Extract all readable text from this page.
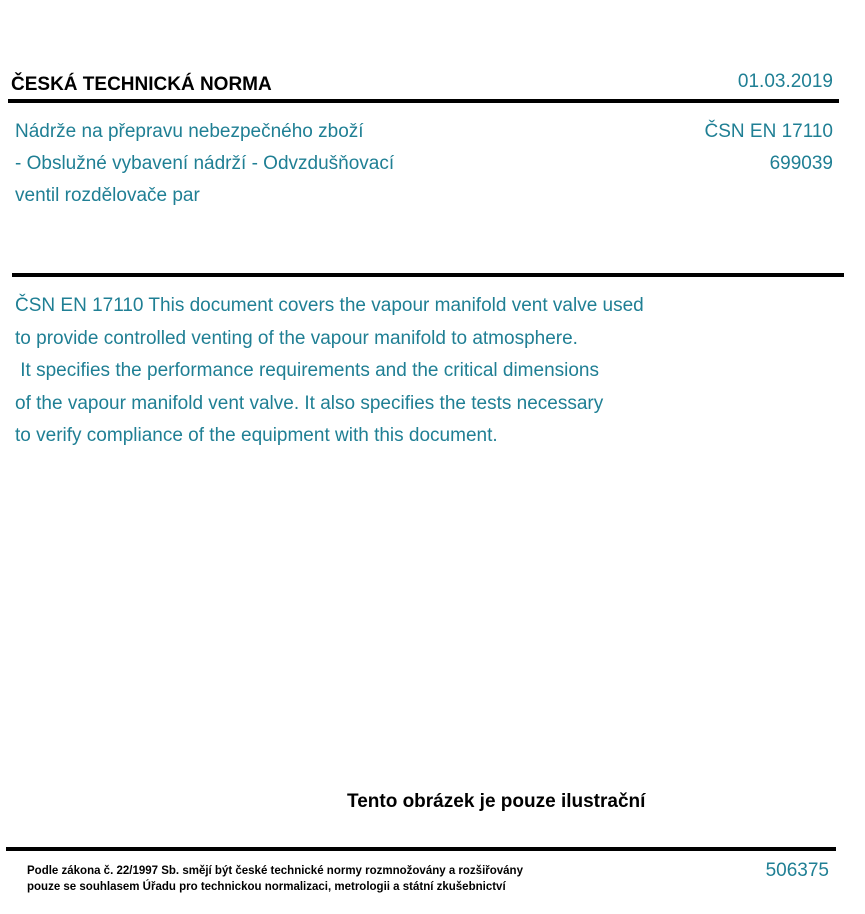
ČESKÁ TECHNICKÁ NORMA	01.03.2019
Nádrže na přepravu nebezpečného zboží
- Obslužné vybavení nádrží - Odvzdušňovací
ventil rozdělovače par
ČSN EN 17110
699039
ČSN EN 17110 This document covers the vapour manifold vent valve used
to provide controlled venting of the vapour manifold to atmosphere.
It specifies the performance requirements and the critical dimensions
of the vapour manifold vent valve. It also specifies the tests necessary
to verify compliance of the equipment with this document.
Tento obrázek je pouze ilustrační
Podle zákona č. 22/1997 Sb. smějí být české technické normy rozmnožovány a rozšiřovány
pouze se souhlasem Úřadu pro technickou normalizaci, metrologii a státní zkušebnictví
506375
